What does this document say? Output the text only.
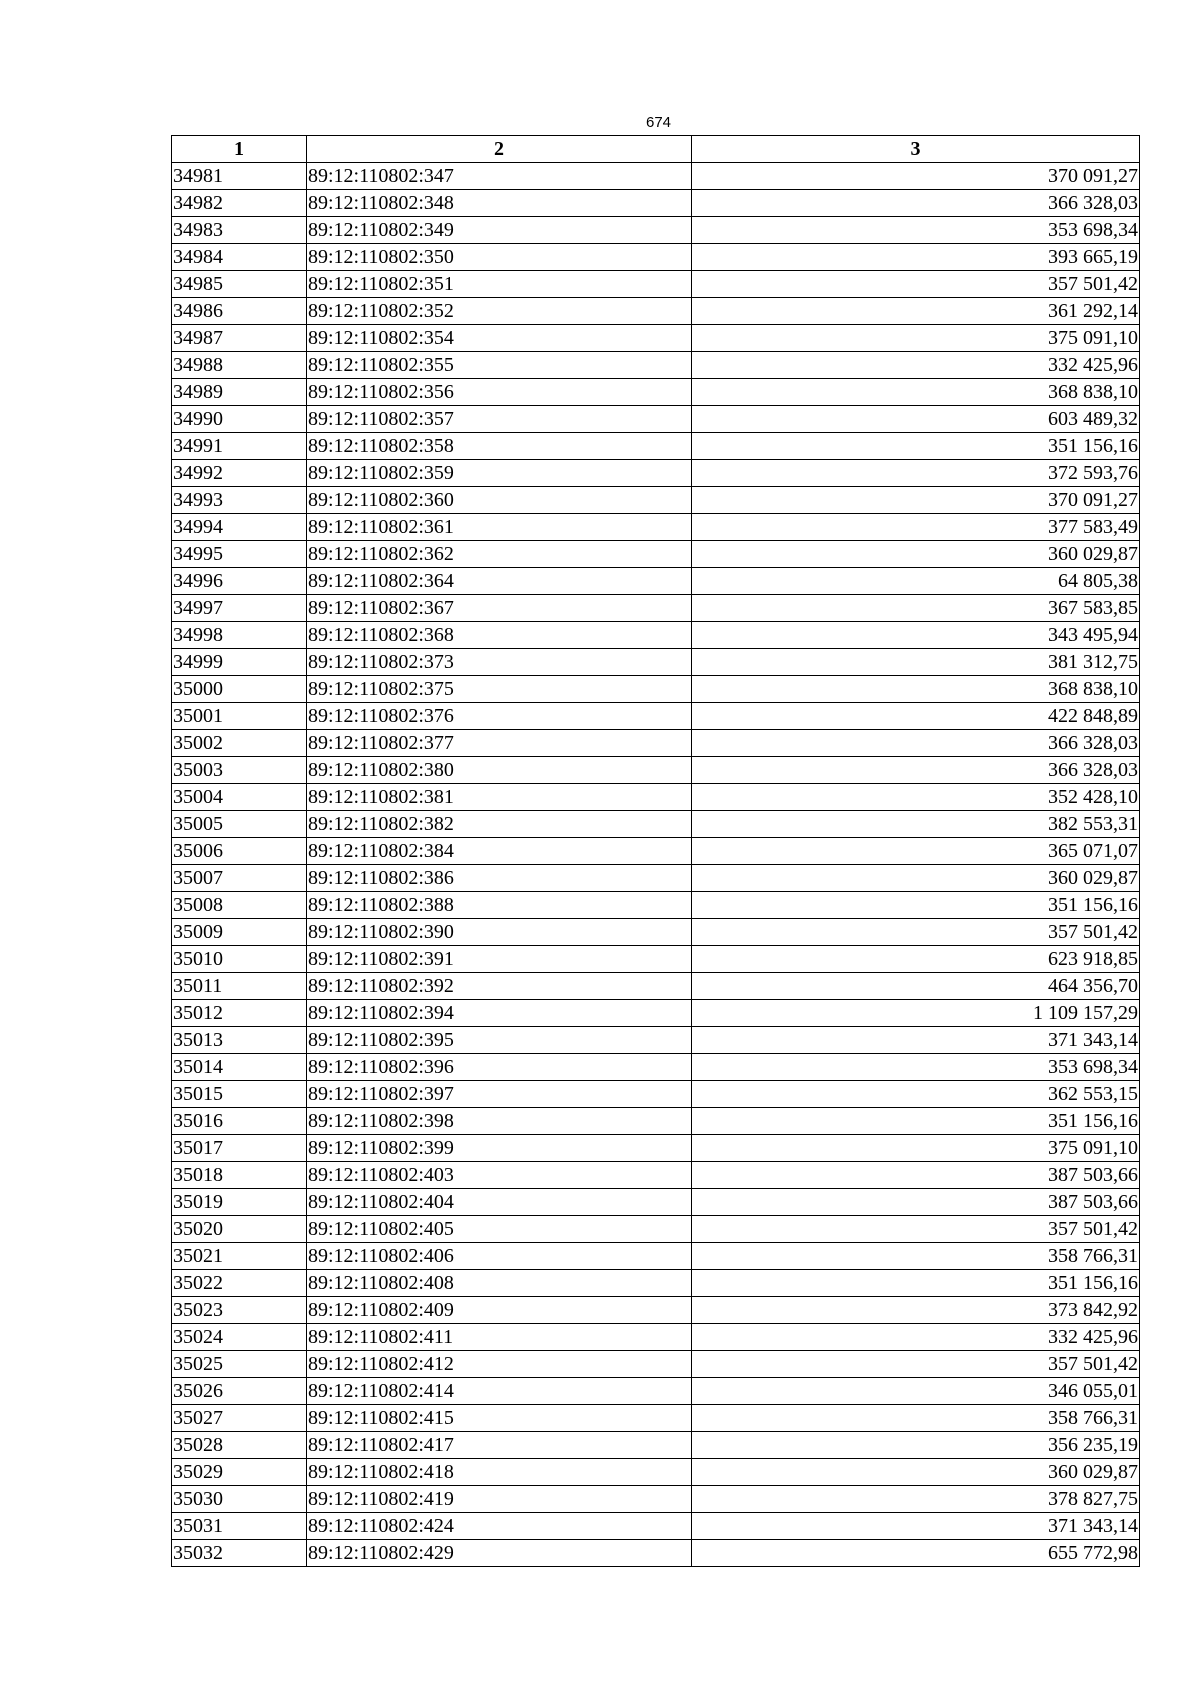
674
1	2	3
34981	89:12:110802:347	370 091,27
34982	89:12:110802:348	366 328,03
34983	89:12:110802:349	353 698,34
34984	89:12:110802:350	393 665,19
34985	89:12:110802:351	357 501,42
34986	89:12:110802:352	361 292,14
34987	89:12:110802:354	375 091,10
34988	89:12:110802:355	332 425,96
34989	89:12:110802:356	368 838,10
34990	89:12:110802:357	603 489,32
34991	89:12:110802:358	351 156,16
34992	89:12:110802:359	372 593,76
34993	89:12:110802:360	370 091,27
34994	89:12:110802:361	377 583,49
34995	89:12:110802:362	360 029,87
34996	89:12:110802:364	64 805,38
34997	89:12:110802:367	367 583,85
34998	89:12:110802:368	343 495,94
34999	89:12:110802:373	381 312,75
35000	89:12:110802:375	368 838,10
35001	89:12:110802:376	422 848,89
35002	89:12:110802:377	366 328,03
35003	89:12:110802:380	366 328,03
35004	89:12:110802:381	352 428,10
35005	89:12:110802:382	382 553,31
35006	89:12:110802:384	365 071,07
35007	89:12:110802:386	360 029,87
35008	89:12:110802:388	351 156,16
35009	89:12:110802:390	357 501,42
35010	89:12:110802:391	623 918,85
35011	89:12:110802:392	464 356,70
35012	89:12:110802:394	1 109 157,29
35013	89:12:110802:395	371 343,14
35014	89:12:110802:396	353 698,34
35015	89:12:110802:397	362 553,15
35016	89:12:110802:398	351 156,16
35017	89:12:110802:399	375 091,10
35018	89:12:110802:403	387 503,66
35019	89:12:110802:404	387 503,66
35020	89:12:110802:405	357 501,42
35021	89:12:110802:406	358 766,31
35022	89:12:110802:408	351 156,16
35023	89:12:110802:409	373 842,92
35024	89:12:110802:411	332 425,96
35025	89:12:110802:412	357 501,42
35026	89:12:110802:414	346 055,01
35027	89:12:110802:415	358 766,31
35028	89:12:110802:417	356 235,19
35029	89:12:110802:418	360 029,87
35030	89:12:110802:419	378 827,75
35031	89:12:110802:424	371 343,14
35032	89:12:110802:429	655 772,98
